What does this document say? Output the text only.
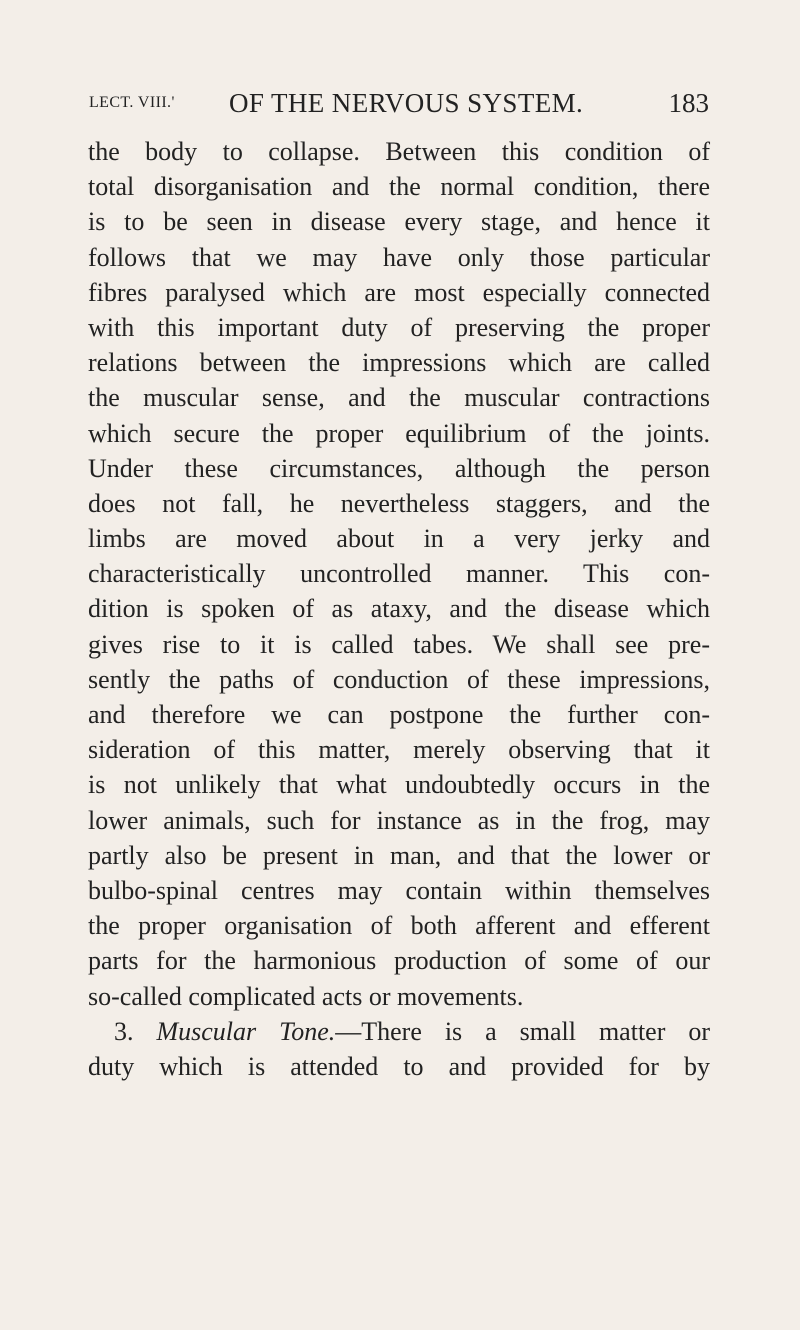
LECT. VIII.' OF THE NERVOUS SYSTEM.	183
the body to collapse. Between this condition of
total disorganisation and the normal condition, there
is to be seen in disease every stage, and hence it
follows that we may have only those particular
fibres paralysed which are most especially connected
with this important duty of preserving the proper
relations between the impressions which are called
the muscular sense, and the muscular contractions
which secure the proper equilibrium of the joints.
Under these circumstances, although the person
does not fall, he nevertheless staggers, and the
limbs are moved about in a very jerky and
characteristically uncontrolled manner. This con-
dition is spoken of as ataxy, and the disease which
gives rise to it is called tabes. We shall see pre-
sently the paths of conduction of these impressions,
and therefore we can postpone the further con-
sideration of this matter, merely observing that it
is not unlikely that what undoubtedly occurs in the
lower animals, such for instance as in the frog, may
partly also be present in man, and that the lower or
bulbo-spinal centres may contain within themselves
the proper organisation of both afferent and efferent
parts for the harmonious production of some of our
so-called complicated acts or movements.
3. Muscular Tone.—There is a small matter or
duty which is attended to and provided for by
